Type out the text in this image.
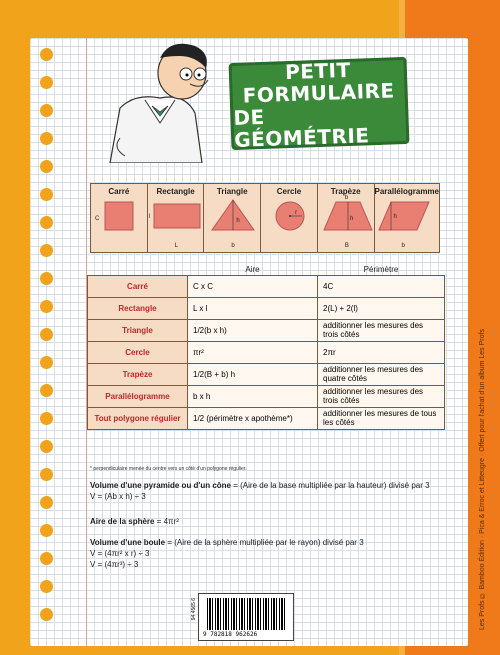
Les Profs © Bamboo Édition · Pica & Erroc et Litteugre · Offert pour l'achat d'un album Les Profs
PETIT
FORMULAIRE
DE GÉOMÉTRIE
Carré
C
Rectangle
l
L
Triangle
h
b
Cercle
r
Trapèze
b
h
B
Parallélogramme
h
b
	Aire	Périmètre
Carré	C x C	4C
Rectangle	L x l	2(L) + 2(l)
Triangle	1/2(b x h)	additionner les mesures des trois côtés
Cercle	πr²	2πr
Trapèze	1/2(B + b) h	additionner les mesures des quatre côtés
Parallélogramme	b x h	additionner les mesures des trois côtés
Tout polygone régulier	1/2 (périmètre x apothème*)	additionner les mesures de tous les côtés
* perpendiculaire menée du centre vers un côté d'un polygone régulier.
Volume d'une pyramide ou d'un cône = (Aire de la base multipliée par la hauteur) divisé par 3
V = (Ab x h) ÷ 3
Aire de la sphère = 4πr²
Volume d'une boule = (Aire de la sphère multipliée par le rayon) divisé par 3
V = (4πr² x r) ÷ 3
V = (4πr³) ÷ 3
94 4565 6
9 782818 962626
